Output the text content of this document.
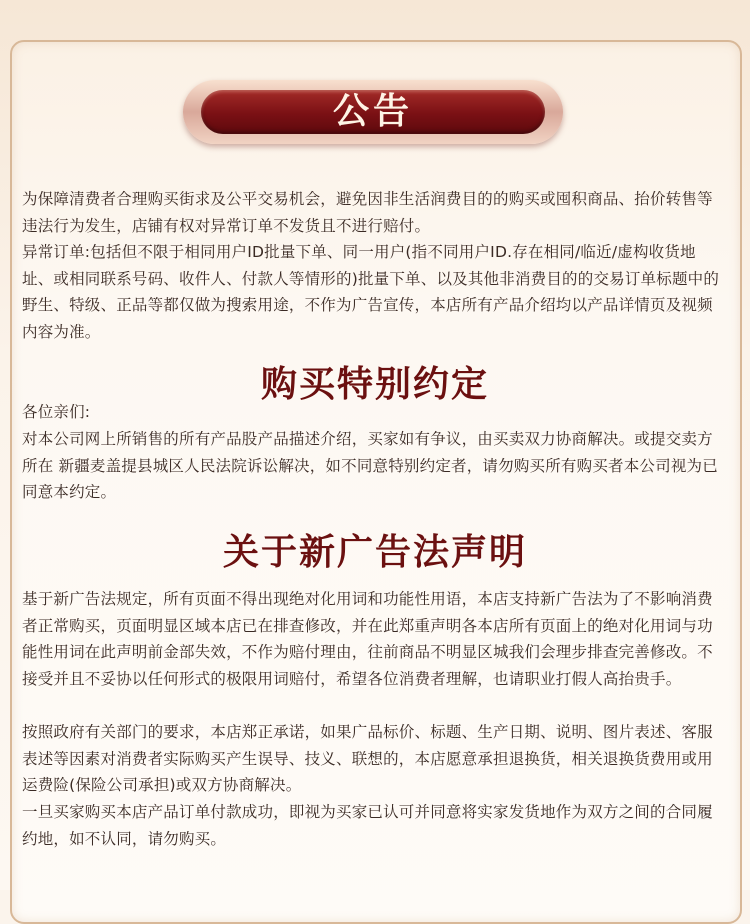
公告
为保障清费者合理购买街求及公平交易机会，避免因非生活润费目的的购买或囤积商品、抬价转售等违法行为发生，店铺有权对异常订单不发货且不进行赔付。
异常订单:包括但不限于相同用户ID批量下单、同一用户(指不同用户ID.存在相同/临近/虚构收货地址、或相同联系号码、收件人、付款人等情形的)批量下单、以及其他非消费目的的交易订单标题中的野生、特级、正品等都仅做为搜索用途，不作为广告宣传，本店所有产品介绍均以产品详情页及视频内容为准。
购买特别约定
各位亲们:
对本公司网上所销售的所有产品股产品描述介绍，买家如有争议，由买卖双力协商解决。或提交卖方所在 新疆麦盖提县城区人民法院诉讼解决，如不同意特别约定者，请勿购买所有购买者本公司视为已同意本约定。
关于新广告法声明
基于新广告法规定，所有页面不得出现绝对化用词和功能性用语，本店支持新广告法为了不影响消费者正常购买，页面明显区域本店已在排查修改，并在此郑重声明各本店所有页面上的绝对化用词与功能性用词在此声明前金部失效，不作为赔付理由，往前商品不明显区城我们会理步排查完善修改。不接受并且不妥协以任何形式的极限用词赔付，希望各位消费者理解，也请职业打假人高抬贵手。
按照政府有关部门的要求，本店郑正承诺，如果广品标价、标题、生产日期、说明、图片表述、客服表述等因素对消费者实际购买产生误导、技义、联想的，本店愿意承担退换货，相关退换货费用或用运费险(保险公司承担)或双方协商解决。
一旦买家购买本店产品订单付款成功，即视为买家已认可并同意将实家发货地作为双方之间的合同履约地，如不认同，请勿购买。
